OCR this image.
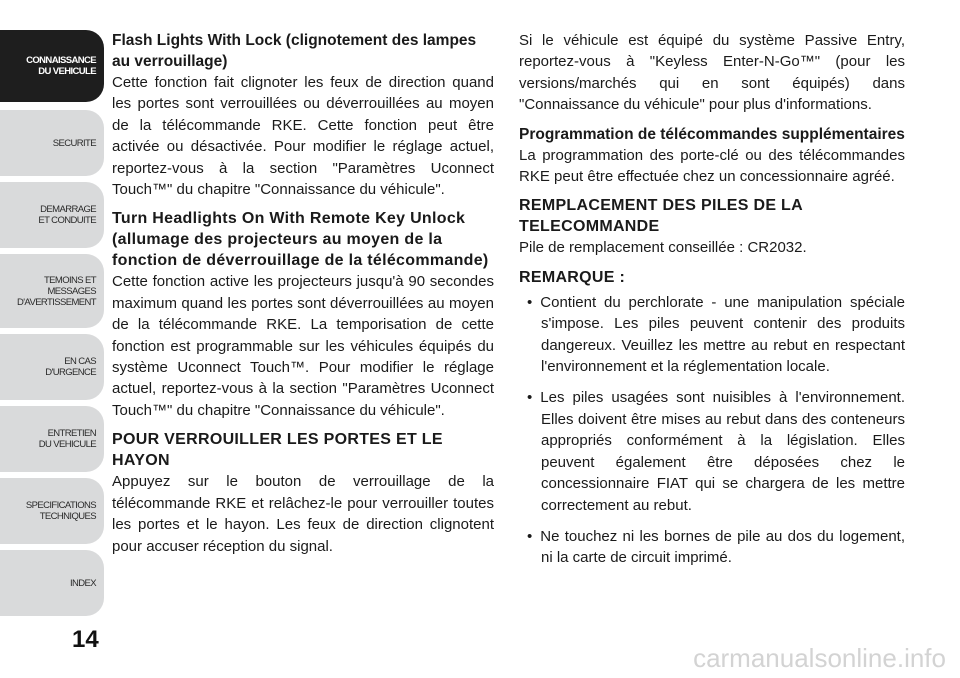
CONNAISSANCE
DU VEHICULE
SECURITE
DEMARRAGE
ET CONDUITE
TEMOINS ET
MESSAGES
D'AVERTISSEMENT
EN CAS
D'URGENCE
ENTRETIEN
DU VEHICULE
SPECIFICATIONS
TECHNIQUES
INDEX
14
Flash Lights With Lock (clignotement des lampes au verrouillage)

Cette fonction fait clignoter les feux de direction quand les portes sont verrouillées ou déverrouillées au moyen de la télécommande RKE. Cette fonction peut être activée ou désactivée. Pour modifier le réglage actuel, reportez-vous à la section "Paramètres Uconnect Touch™" du chapitre "Connaissance du véhicule".

Turn Headlights On With Remote Key Unlock (allumage des projecteurs au moyen de la fonction de déverrouillage de la télécommande)

Cette fonction active les projecteurs jusqu'à 90 secondes maximum quand les portes sont déverrouillées au moyen de la télécommande RKE. La temporisation de cette fonction est programmable sur les véhicules équipés du système Uconnect Touch™. Pour modifier le réglage actuel, reportez-vous à la section "Paramètres Uconnect Touch™" du chapitre "Connaissance du véhicule".

POUR VERROUILLER LES PORTES ET LE HAYON

Appuyez sur le bouton de verrouillage de la télécommande RKE et relâchez-le pour verrouiller toutes les portes et le hayon. Les feux de direction clignotent pour accuser réception du signal.

Si le véhicule est équipé du système Passive Entry, reportez-vous à "Keyless Enter-N-Go™" (pour les versions/marchés qui en sont équipés) dans "Connaissance du véhicule" pour plus d'informations.

Programmation de télécommandes supplémentaires

La programmation des porte-clé ou des télécommandes RKE peut être effectuée chez un concessionnaire agréé.

REMPLACEMENT DES PILES DE LA TELECOMMANDE

Pile de remplacement conseillée : CR2032.

REMARQUE :
• Contient du perchlorate - une manipulation spéciale s'impose. Les piles peuvent contenir des produits dangereux. Veuillez les mettre au rebut en respectant l'environnement et la réglementation locale.
• Les piles usagées sont nuisibles à l'environnement. Elles doivent être mises au rebut dans des conteneurs appropriés conformément à la législation. Elles peuvent également être déposées chez le concessionnaire FIAT qui se chargera de les mettre correctement au rebut.
• Ne touchez ni les bornes de pile au dos du logement, ni la carte de circuit imprimé.
carmanualsonline.info
